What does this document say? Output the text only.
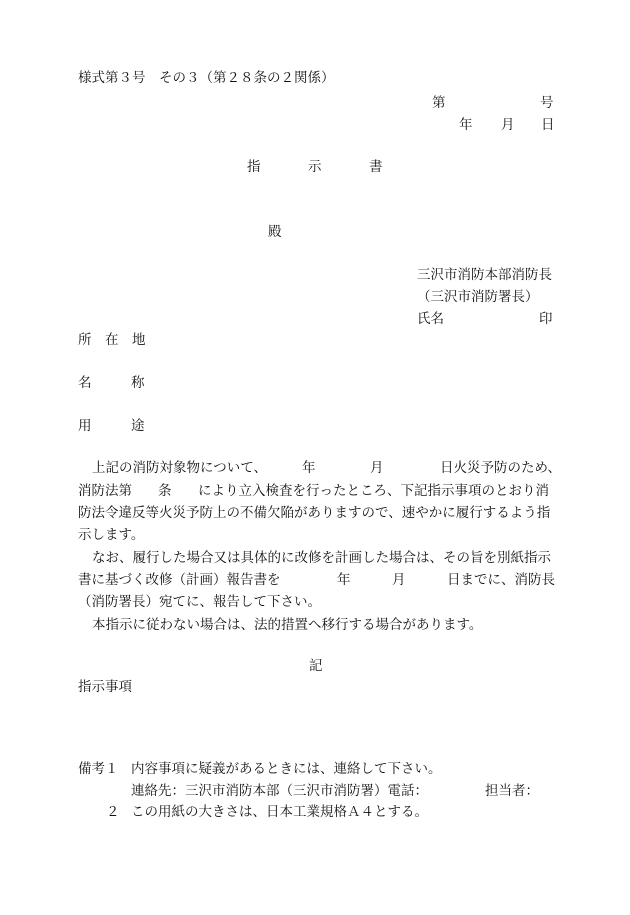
様式第３号　その３（第２８条の２関係）
第	号
年 月 日
指	示	書
殿
三沢市消防本部消防長
（三沢市消防署長）
氏名	印
所　在　地
名	称
用	途
上記の消防対象物について、	年	月	日火災予防のため、
消防法第 条 により立入検査を行ったところ、下記指示事項のとおり消
防法令違反等火災予防上の不備欠陥がありますので、速やかに履行するよう指
示します。
なお、履行した場合又は具体的に改修を計画した場合は、その旨を別紙指示
書に基づく改修（計画）報告書を	年	月	日までに、消防長
（消防署長）宛てに、報告して下さい。
本指示に従わない場合は、法的措置へ移行する場合があります。
記
指示事項
備考１ 内容事項に疑義があるときには、連絡して下さい。
連絡先：三沢市消防本部（三沢市消防署）電話：	担当者：
２ この用紙の大きさは、日本工業規格Ａ４とする。
